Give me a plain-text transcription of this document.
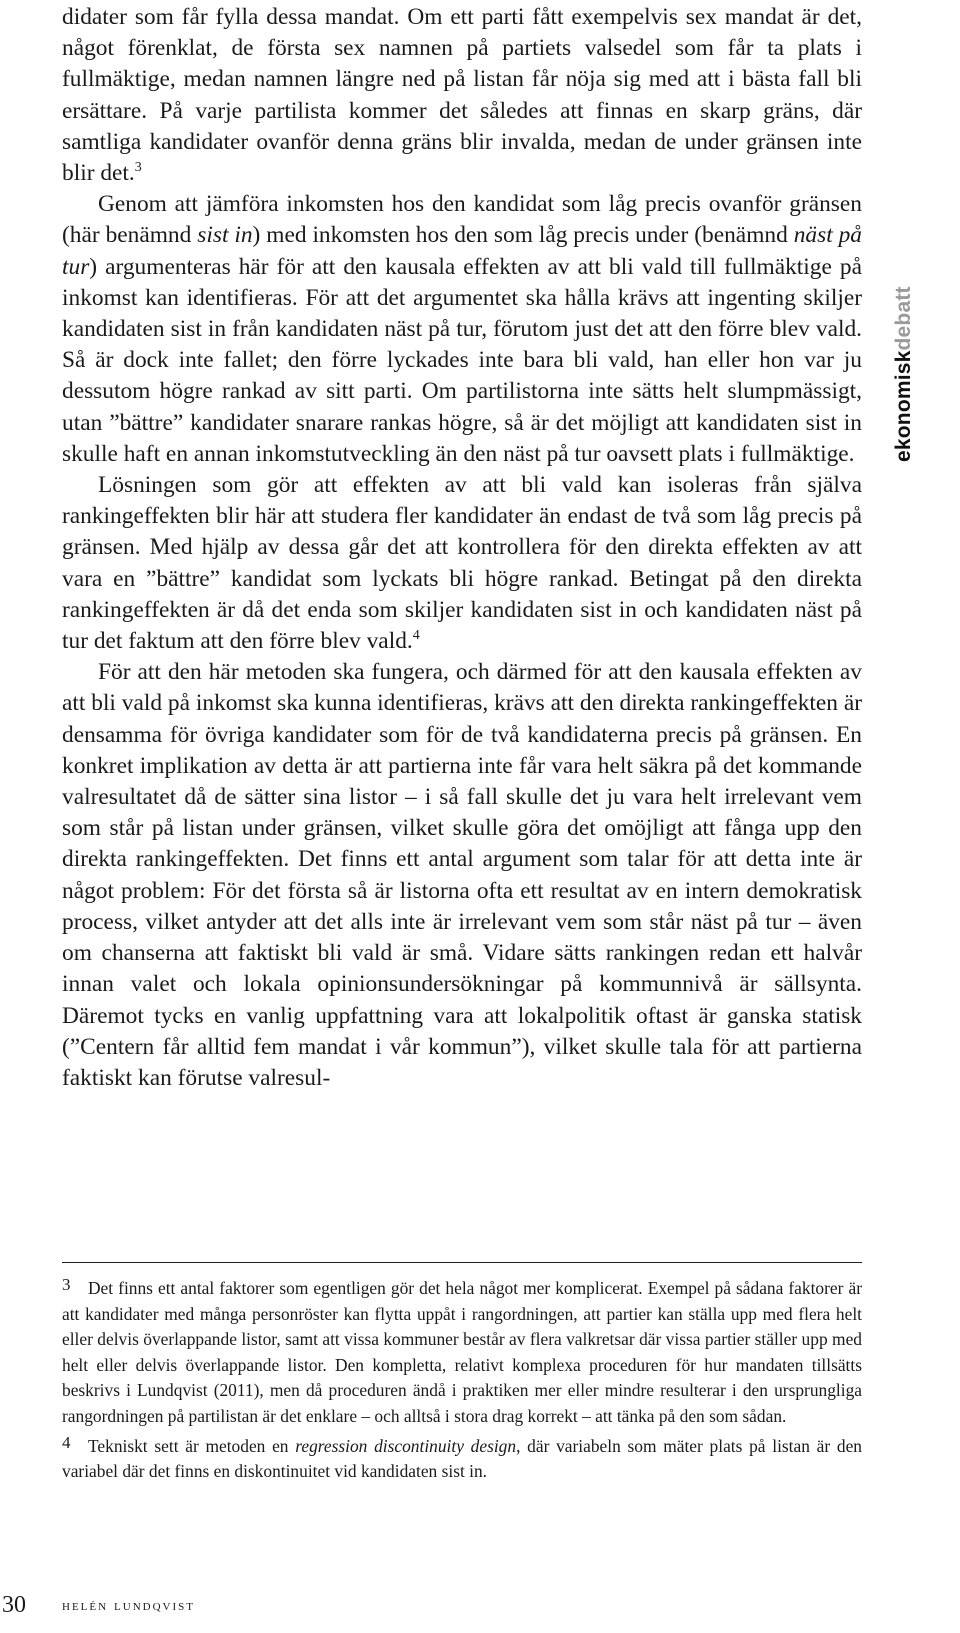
didater som får fylla dessa mandat. Om ett parti fått exempelvis sex mandat är det, något förenklat, de första sex namnen på partiets valsedel som får ta plats i fullmäktige, medan namnen längre ned på listan får nöja sig med att i bästa fall bli ersättare. På varje partilista kommer det således att finnas en skarp gräns, där samtliga kandidater ovanför denna gräns blir invalda, medan de under gränsen inte blir det.$^3$

Genom att jämföra inkomsten hos den kandidat som låg precis ovanför gränsen (här benämnd sist in) med inkomsten hos den som låg precis under (benämnd näst på tur) argumenteras här för att den kausala effekten av att bli vald till fullmäktige på inkomst kan identifieras. För att det argumentet ska hålla krävs att ingenting skiljer kandidaten sist in från kandidaten näst på tur, förutom just det att den förre blev vald. Så är dock inte fallet; den förre lyckades inte bara bli vald, han eller hon var ju dessutom högre rankad av sitt parti. Om partilistorna inte sätts helt slumpmässigt, utan ”bättre” kandidater snarare rankas högre, så är det möjligt att kandidaten sist in skulle haft en annan inkomstutveckling än den näst på tur oavsett plats i fullmäktige.

Lösningen som gör att effekten av att bli vald kan isoleras från själva rankingeffekten blir här att studera fler kandidater än endast de två som låg precis på gränsen. Med hjälp av dessa går det att kontrollera för den direkta effekten av att vara en ”bättre” kandidat som lyckats bli högre rankad. Betingat på den direkta rankingeffekten är då det enda som skiljer kandidaten sist in och kandidaten näst på tur det faktum att den förre blev vald.$^4$

För att den här metoden ska fungera, och därmed för att den kausala effekten av att bli vald på inkomst ska kunna identifieras, krävs att den direkta rankingeffekten är densamma för övriga kandidater som för de två kandidaterna precis på gränsen. En konkret implikation av detta är att partierna inte får vara helt säkra på det kommande valresultatet då de sätter sina listor – i så fall skulle det ju vara helt irrelevant vem som står på listan under gränsen, vilket skulle göra det omöjligt att fånga upp den direkta rankingeffekten. Det finns ett antal argument som talar för att detta inte är något problem: För det första så är listorna ofta ett resultat av en intern demokratisk process, vilket antyder att det alls inte är irrelevant vem som står näst på tur – även om chanserna att faktiskt bli vald är små. Vidare sätts rankingen redan ett halvår innan valet och lokala opinionsundersökningar på kommunnivå är sällsynta. Däremot tycks en vanlig uppfattning vara att lokalpolitik oftast är ganska statisk (”Centern får alltid fem mandat i vår kommun”), vilket skulle tala för att partierna faktiskt kan förutse valresul-

3 Det finns ett antal faktorer som egentligen gör det hela något mer komplicerat. Exempel på sådana faktorer är att kandidater med många personröster kan flytta uppåt i rangordningen, att partier kan ställa upp med flera helt eller delvis överlappande listor, samt att vissa kommuner består av flera valkretsar där vissa partier ställer upp med helt eller delvis överlappande listor. Den kompletta, relativt komplexa proceduren för hur mandaten tillsätts beskrivs i Lundqvist (2011), men då proceduren ändå i praktiken mer eller mindre resulterar i den ursprungliga rangordningen på partilistan är det enklare – och alltså i stora drag korrekt – att tänka på den som sådan.

4 Tekniskt sett är metoden en regression discontinuity design, där variabeln som mäter plats på listan är den variabel där det finns en diskontinuitet vid kandidaten sist in.

ekonomiskdebatt
30 helén lundqvist
